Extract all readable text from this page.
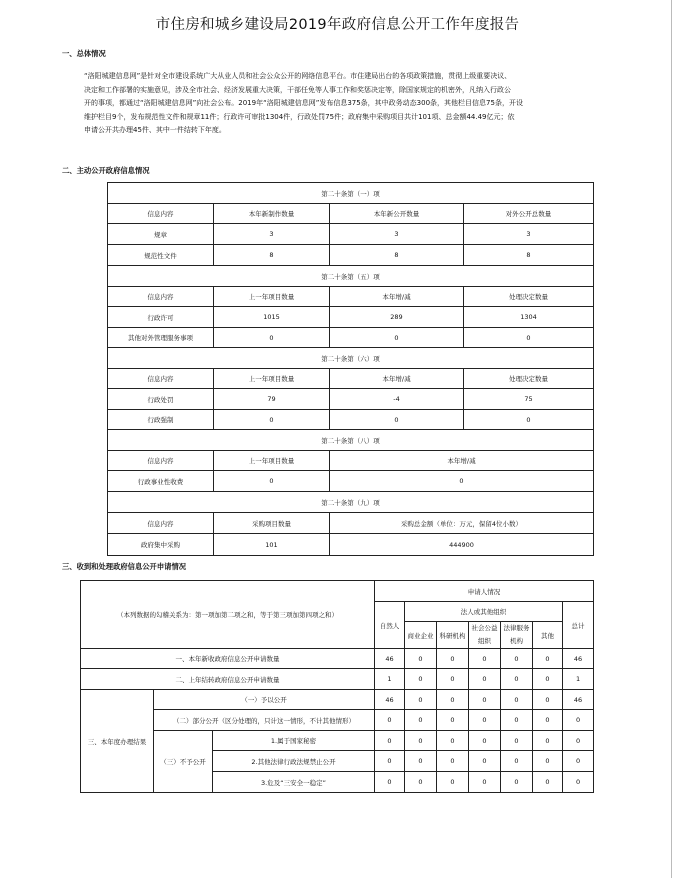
市住房和城乡建设局2019年政府信息公开工作年度报告
一、总体情况
“洛阳城建信息网”是针对全市建设系统广大从业人员和社会公众公开的网络信息平台。市住建局出台的各项政策措施，贯彻上级重要决议、
决定和工作部署的实施意见，涉及全市社会、经济发展重大决策，干部任免等人事工作和奖惩决定等，除国家规定的机密外，凡纳入行政公
开的事项，都通过“洛阳城建信息网”向社会公布。2019年“洛阳城建信息网”发布信息375条，其中政务动态300条，其他栏目信息75条，开设
维护栏目9个，发布规范性文件和规章11件；行政许可审批1304件，行政处罚75件；政府集中采购项目共计101项、总金额44.49亿元；依
申请公开共办理45件、其中一件结转下年度。
二、主动公开政府信息情况
第二十条第（一）项			
信息内容	本年新制作数量	本年新公开数量	对外公开总数量
规章	3	3	3
规范性文件	8	8	8
第二十条第（五）项			
信息内容	上一年项目数量	本年增/减	处理决定数量
行政许可	1015	289	1304
其他对外管理服务事项	0	0	0
第二十条第（六）项			
信息内容	上一年项目数量	本年增/减	处理决定数量
行政处罚	79	-4	75
行政强制	0	0	0
第二十条第（八）项			
信息内容	上一年项目数量	本年增/减	
行政事业性收费	0	0	
第二十条第（九）项			
信息内容	采购项目数量	采购总金额（单位：万元，保留4位小数）	
政府集中采购	101	444900	
三、收到和处理政府信息公开申请情况
（本列数据的勾稽关系为：第一项加第二项之和，等于第三项加第四项之和）			申请人情况						
			自然人	法人或其他组织					总计
				商业企业	科研机构	社会公益组织	法律服务机构	其他	
一、本年新收政府信息公开申请数量			46	0	0	0	0	0	46
二、上年结转政府信息公开申请数量			1	0	0	0	0	0	1
三、本年度办理结果	（一）予以公开		46	0	0	0	0	0	46
	（二）部分公开（区分处理的，只计这一情形，不计其他情形）		0	0	0	0	0	0	0
	（三）不予公开	1.属于国家秘密	0	0	0	0	0	0	0
		2.其他法律行政法规禁止公开	0	0	0	0	0	0	0
		3.危及“三安全一稳定”	0	0	0	0	0	0	0
